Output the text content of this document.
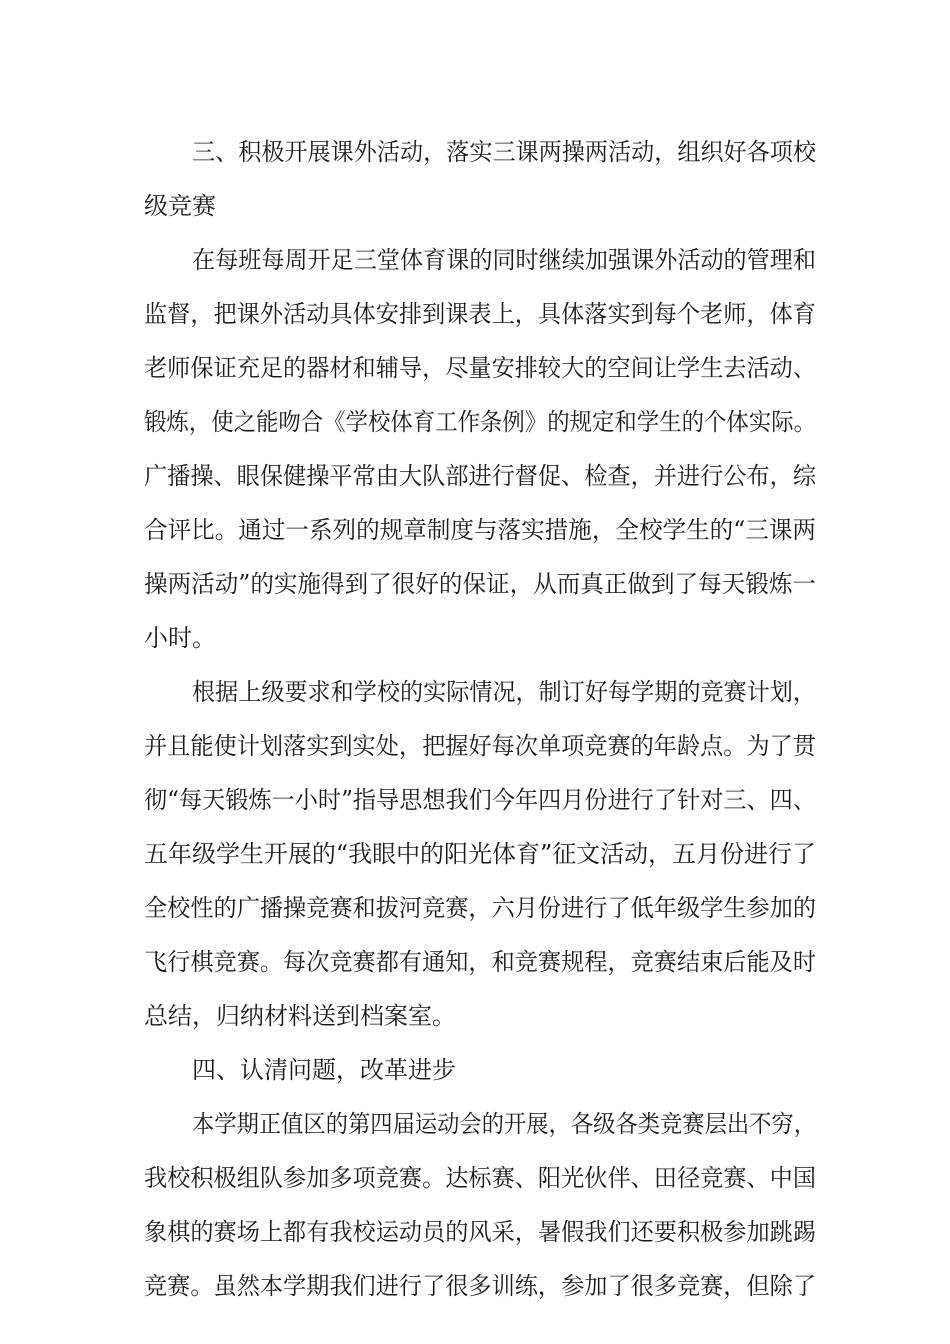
三、积极开展课外活动，落实三课两操两活动，组织好各项校
级竞赛
在每班每周开足三堂体育课的同时继续加强课外活动的管理和
监督，把课外活动具体安排到课表上，具体落实到每个老师，体育
老师保证充足的器材和辅导，尽量安排较大的空间让学生去活动、
锻炼，使之能吻合《学校体育工作条例》的规定和学生的个体实际。
广播操、眼保健操平常由大队部进行督促、检查，并进行公布，综
合评比。通过一系列的规章制度与落实措施，全校学生的“三课两
操两活动”的实施得到了很好的保证，从而真正做到了每天锻炼一
小时。
根据上级要求和学校的实际情况，制订好每学期的竞赛计划，
并且能使计划落实到实处，把握好每次单项竞赛的年龄点。为了贯
彻“每天锻炼一小时”指导思想我们今年四月份进行了针对三、四、
五年级学生开展的“我眼中的阳光体育”征文活动，五月份进行了
全校性的广播操竞赛和拔河竞赛，六月份进行了低年级学生参加的
飞行棋竞赛。每次竞赛都有通知，和竞赛规程，竞赛结束后能及时
总结，归纳材料送到档案室。
四、认清问题，改革进步
本学期正值区的第四届运动会的开展，各级各类竞赛层出不穷，
我校积极组队参加多项竞赛。达标赛、阳光伙伴、田径竞赛、中国
象棋的赛场上都有我校运动员的风采，暑假我们还要积极参加跳踢
竞赛。虽然本学期我们进行了很多训练，参加了很多竞赛，但除了
